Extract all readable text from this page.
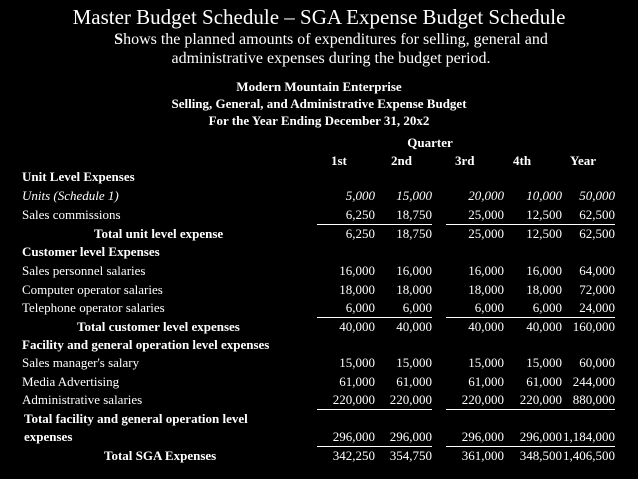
Master Budget Schedule – SGA Expense Budget Schedule
Shows the planned amounts of expenditures for selling, general and administrative expenses during the budget period.
Modern Mountain Enterprise
Selling, General, and Administrative Expense Budget
For the Year Ending December 31, 20x2
Quarter
1st	2nd	3rd	4th	Year
Unit Level Expenses
Units (Schedule 1)	5,000	15,000	20,000	10,000	50,000
Sales commissions	6,250	18,750	25,000	12,500	62,500
Total unit level expense	6,250	18,750	25,000	12,500	62,500
Customer level Expenses
Sales personnel salaries	16,000	16,000	16,000	16,000	64,000
Computer operator salaries	18,000	18,000	18,000	18,000	72,000
Telephone operator salaries	6,000	6,000	6,000	6,000	24,000
Total customer level expenses	40,000	40,000	40,000	40,000 160,000
Facility and general operation level expenses
Sales manager's salary	15,000	15,000	15,000	15,000	60,000
Media Advertising	61,000	61,000	61,000	61,000 244,000
Administrative salaries	220,000	220,000	220,000	220,000 880,000
Total facility and general operation level
expenses	296,000	296,000	296,000	296,000 1,184,000
Total SGA Expenses	342,250	354,750	361,000	348,500 1,406,500
